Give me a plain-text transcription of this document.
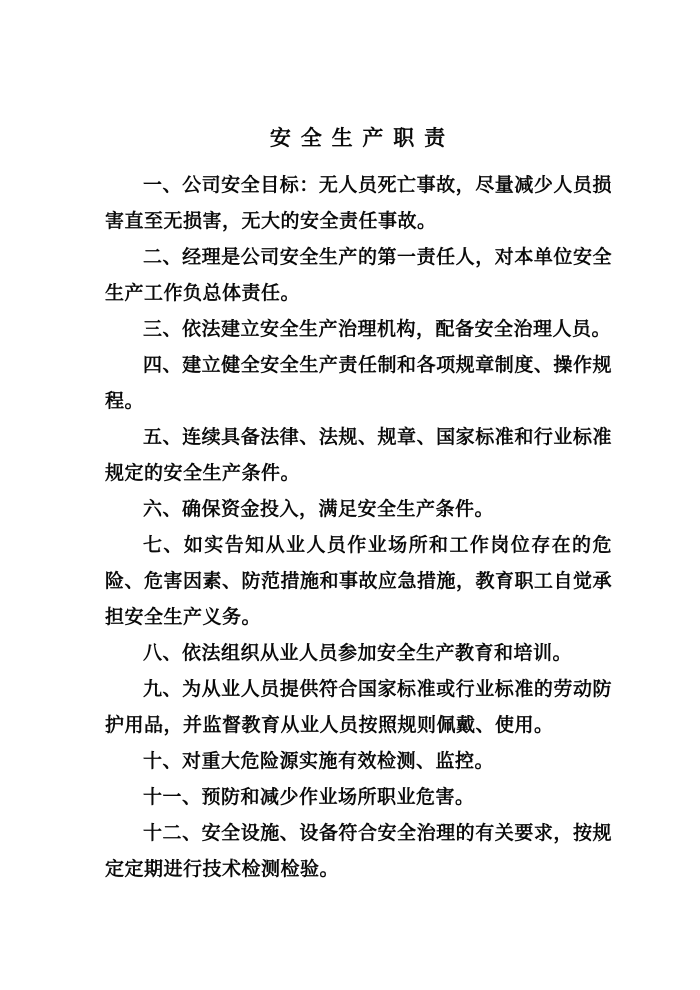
安 全 生 产 职 责

一、公司安全目标：无人员死亡事故，尽量减少人员损害直至无损害，无大的安全责任事故。

二、经理是公司安全生产的第一责任人，对本单位安全生产工作负总体责任。

三、依法建立安全生产治理机构，配备安全治理人员。

四、建立健全安全生产责任制和各项规章制度、操作规程。

五、连续具备法律、法规、规章、国家标准和行业标准规定的安全生产条件。

六、确保资金投入，满足安全生产条件。

七、如实告知从业人员作业场所和工作岗位存在的危险、危害因素、防范措施和事故应急措施，教育职工自觉承担安全生产义务。

八、依法组织从业人员参加安全生产教育和培训。

九、为从业人员提供符合国家标准或行业标准的劳动防护用品，并监督教育从业人员按照规则佩戴、使用。

十、对重大危险源实施有效检测、监控。

十一、预防和减少作业场所职业危害。

十二、安全设施、设备符合安全治理的有关要求，按规定定期进行技术检测检验。
